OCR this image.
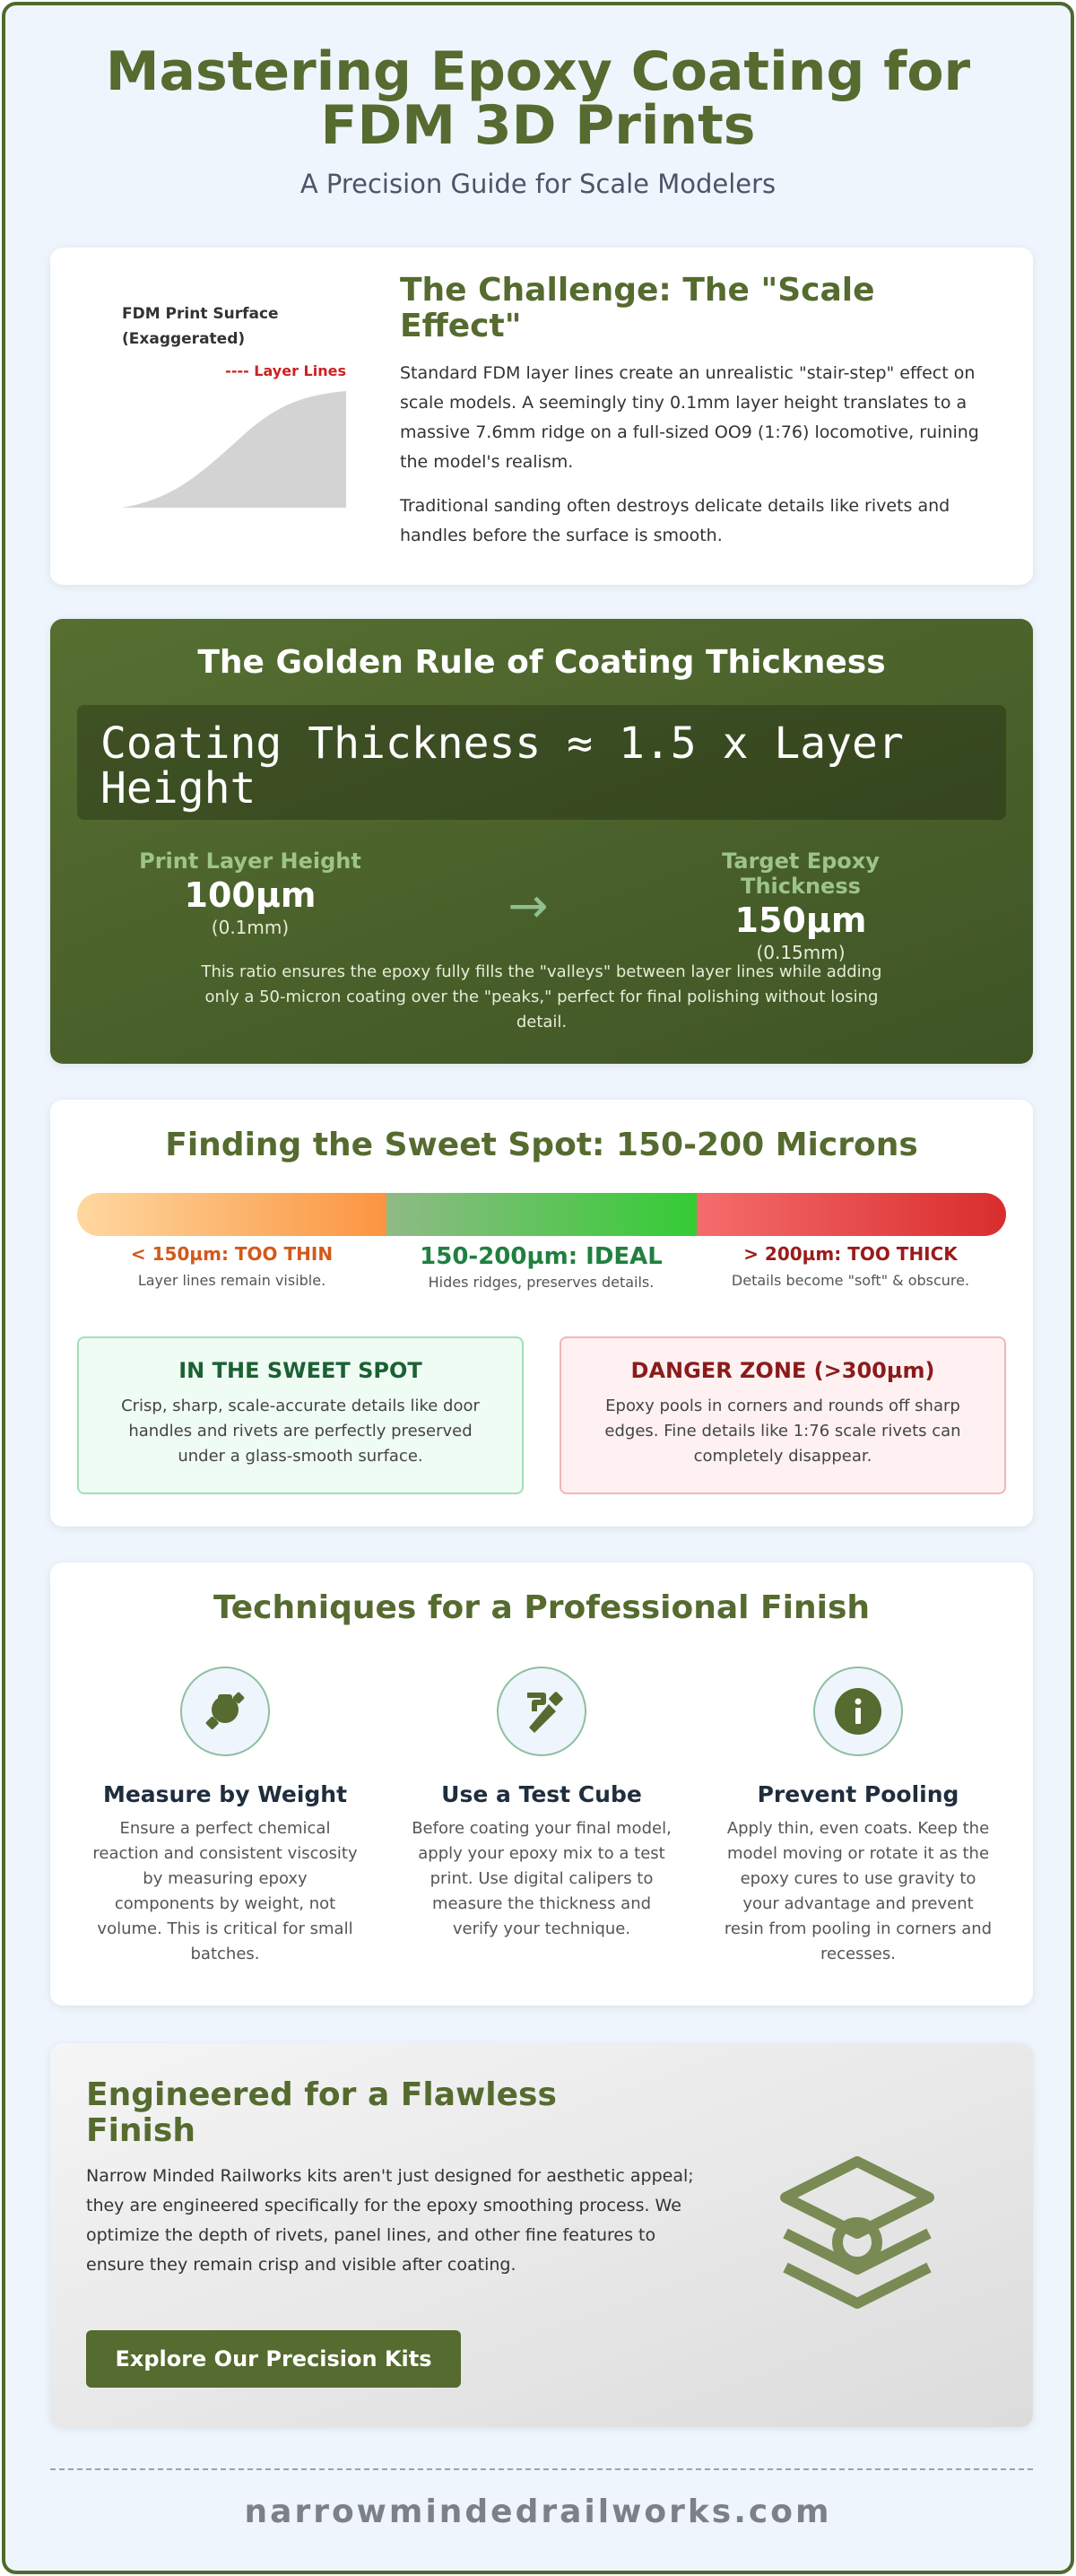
Mastering Epoxy Coating for FDM 3D Prints
A Precision Guide for Scale Modelers
FDM Print Surface (Exaggerated)
---- Layer Lines
The Challenge: The "Scale Effect"
Standard FDM layer lines create an unrealistic "stair-step" effect on scale models. A seemingly tiny 0.1mm layer height translates to a massive 7.6mm ridge on a full-sized OO9 (1:76) locomotive, ruining the model's realism.
Traditional sanding often destroys delicate details like rivets and handles before the surface is smooth.
The Golden Rule of Coating Thickness
Coating Thickness ≈ 1.5 x Layer Height
Print Layer Height
100µm
(0.1mm)	→
Target Epoxy Thickness
150µm
(0.15mm)
This ratio ensures the epoxy fully fills the "valleys" between layer lines while adding only a 50-micron coating over the "peaks," perfect for final polishing without losing detail.
Finding the Sweet Spot: 150-200 Microns
< 150µm: TOO THIN
Layer lines remain visible.
150-200µm: IDEAL
Hides ridges, preserves details.
> 200µm: TOO THICK
Details become "soft" & obscure.
IN THE SWEET SPOT
Crisp, sharp, scale-accurate details like door handles and rivets are perfectly preserved under a glass-smooth surface.
DANGER ZONE (>300µm)
Epoxy pools in corners and rounds off sharp edges. Fine details like 1:76 scale rivets can completely disappear.
Techniques for a Professional Finish
Measure by Weight
Ensure a perfect chemical reaction and consistent viscosity by measuring epoxy components by weight, not volume. This is critical for small batches.
Use a Test Cube
Before coating your final model, apply your epoxy mix to a test print. Use digital calipers to measure the thickness and verify your technique.
Prevent Pooling
Apply thin, even coats. Keep the model moving or rotate it as the epoxy cures to use gravity to your advantage and prevent resin from pooling in corners and recesses.
Engineered for a Flawless Finish
Narrow Minded Railworks kits aren't just designed for aesthetic appeal; they are engineered specifically for the epoxy smoothing process. We optimize the depth of rivets, panel lines, and other fine features to ensure they remain crisp and visible after coating.
Explore Our Precision Kits
narrowmindedrailworks.com
